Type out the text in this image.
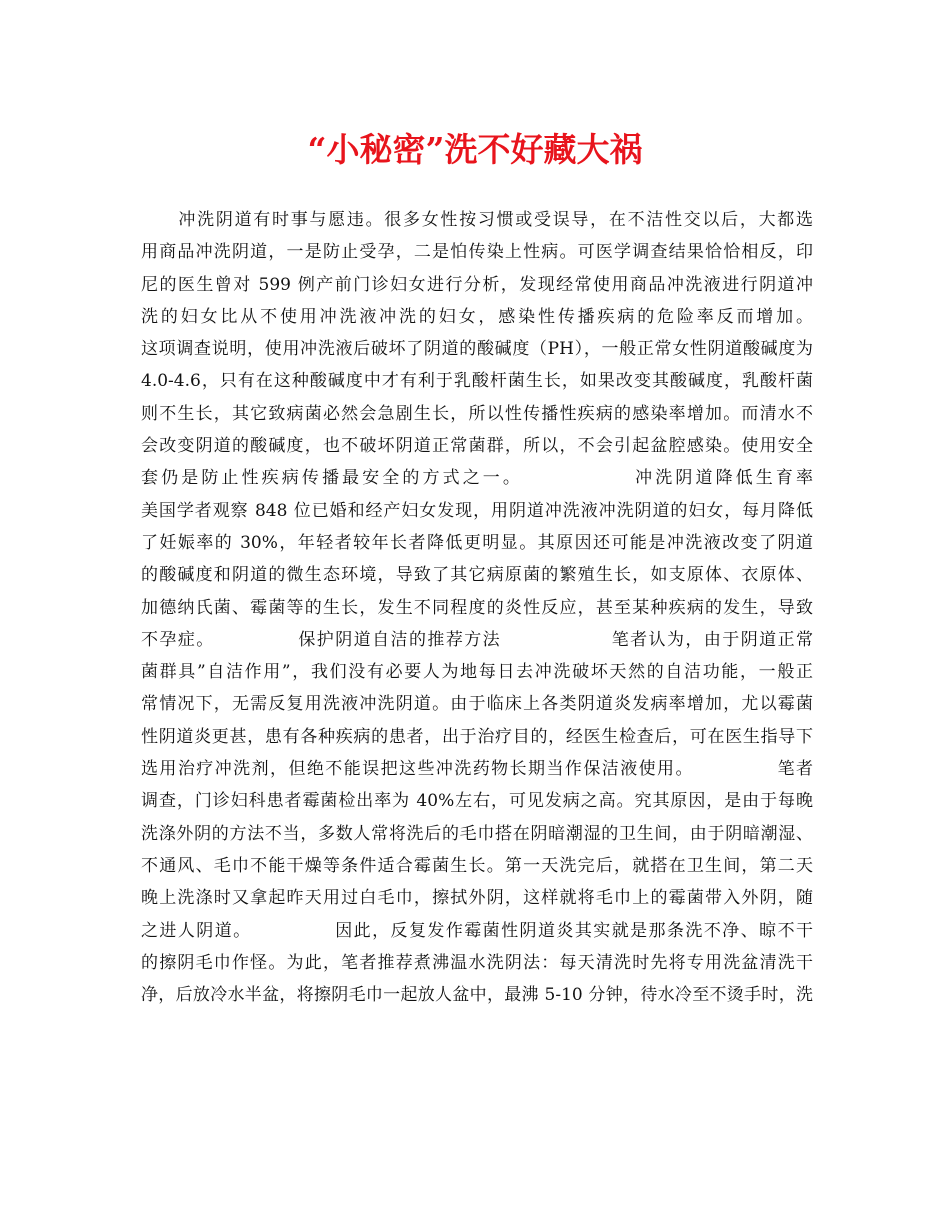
“小秘密”洗不好藏大祸
　　冲洗阴道有时事与愿违。很多女性按习惯或受误导，在不洁性交以后，大都选
用商品冲洗阴道，一是防止受孕，二是怕传染上性病。可医学调查结果恰恰相反，印
尼的医生曾对 599 例产前门诊妇女进行分析，发现经常使用商品冲洗液进行阴道冲
洗的妇女比从不使用冲洗液冲洗的妇女，感染性传播疾病的危险率反而增加。
这项调查说明，使用冲洗液后破坏了阴道的酸碱度（PH），一般正常女性阴道酸碱度为
4.0-4.6，只有在这种酸碱度中才有利于乳酸杆菌生长，如果改变其酸碱度，乳酸杆菌
则不生长，其它致病菌必然会急剧生长，所以性传播性疾病的感染率增加。而清水不
会改变阴道的酸碱度，也不破坏阴道正常菌群，所以，不会引起盆腔感染。使用安全
套仍是防止性疾病传播最安全的方式之一。　　　　　　冲洗阴道降低生育率
美国学者观察 848 位已婚和经产妇女发现，用阴道冲洗液冲洗阴道的妇女，每月降低
了妊娠率的 30%，年轻者较年长者降低更明显。其原因还可能是冲洗液改变了阴道
的酸碱度和阴道的微生态环境，导致了其它病原菌的繁殖生长，如支原体、衣原体、
加德纳氏菌、霉菌等的生长，发生不同程度的炎性反应，甚至某种疾病的发生，导致
不孕症。　　　　　保护阴道自洁的推荐方法　　　　　　笔者认为，由于阴道正常
菌群具”自洁作用”，我们没有必要人为地每日去冲洗破坏天然的自洁功能，一般正
常情况下，无需反复用洗液冲洗阴道。由于临床上各类阴道炎发病率增加，尤以霉菌
性阴道炎更甚，患有各种疾病的患者，出于治疗目的，经医生检查后，可在医生指导下
选用治疗冲洗剂，但绝不能误把这些冲洗药物长期当作保洁液使用。　　　　　笔者
调查，门诊妇科患者霉菌检出率为 40%左右，可见发病之高。究其原因，是由于每晚
洗涤外阴的方法不当，多数人常将洗后的毛巾搭在阴暗潮湿的卫生间，由于阴暗潮湿、
不通风、毛巾不能干燥等条件适合霉菌生长。第一天洗完后，就搭在卫生间，第二天
晚上洗涤时又拿起昨天用过白毛巾，擦拭外阴，这样就将毛巾上的霉菌带入外阴，随
之进人阴道。　　　　　因此，反复发作霉菌性阴道炎其实就是那条洗不净、晾不干
的擦阴毛巾作怪。为此，笔者推荐煮沸温水洗阴法：每天清洗时先将专用洗盆清洗干
净，后放冷水半盆，将擦阴毛巾一起放人盆中，最沸 5-10 分钟，待水冷至不烫手时，洗
